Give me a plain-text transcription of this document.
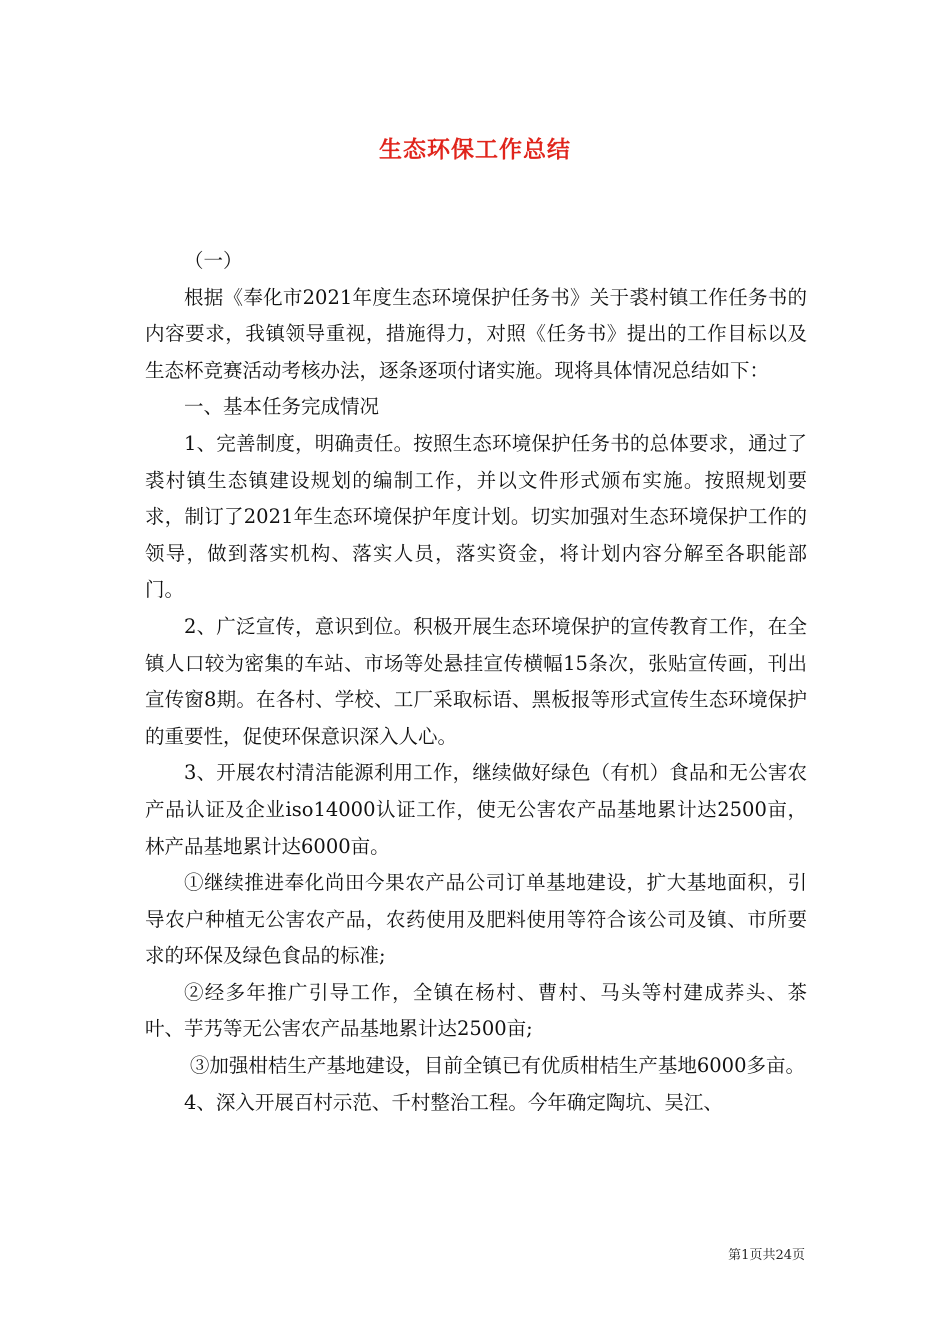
生态环保工作总结

（一）

根据《奉化市2021年度生态环境保护任务书》关于裘村镇工作任务书的内容要求，我镇领导重视，措施得力，对照《任务书》提出的工作目标以及生态杯竞赛活动考核办法，逐条逐项付诸实施。现将具体情况总结如下：

一、基本任务完成情况

1、完善制度，明确责任。按照生态环境保护任务书的总体要求，通过了裘村镇生态镇建设规划的编制工作，并以文件形式颁布实施。按照规划要求，制订了2021年生态环境保护年度计划。切实加强对生态环境保护工作的领导，做到落实机构、落实人员，落实资金，将计划内容分解至各职能部门。

2、广泛宣传，意识到位。积极开展生态环境保护的宣传教育工作，在全镇人口较为密集的车站、市场等处悬挂宣传横幅15条次，张贴宣传画，刊出宣传窗8期。在各村、学校、工厂采取标语、黑板报等形式宣传生态环境保护的重要性，促使环保意识深入人心。

3、开展农村清洁能源利用工作，继续做好绿色（有机）食品和无公害农产品认证及企业iso14000认证工作，使无公害农产品基地累计达2500亩，林产品基地累计达6000亩。

①继续推进奉化尚田今果农产品公司订单基地建设，扩大基地面积，引导农户种植无公害农产品，农药使用及肥料使用等符合该公司及镇、市所要求的环保及绿色食品的标准;

②经多年推广引导工作，全镇在杨村、曹村、马头等村建成荞头、茶叶、芋艿等无公害农产品基地累计达2500亩;

③加强柑桔生产基地建设，目前全镇已有优质柑桔生产基地6000多亩。

4、深入开展百村示范、千村整治工程。今年确定陶坑、吴江、

第1页共24页
